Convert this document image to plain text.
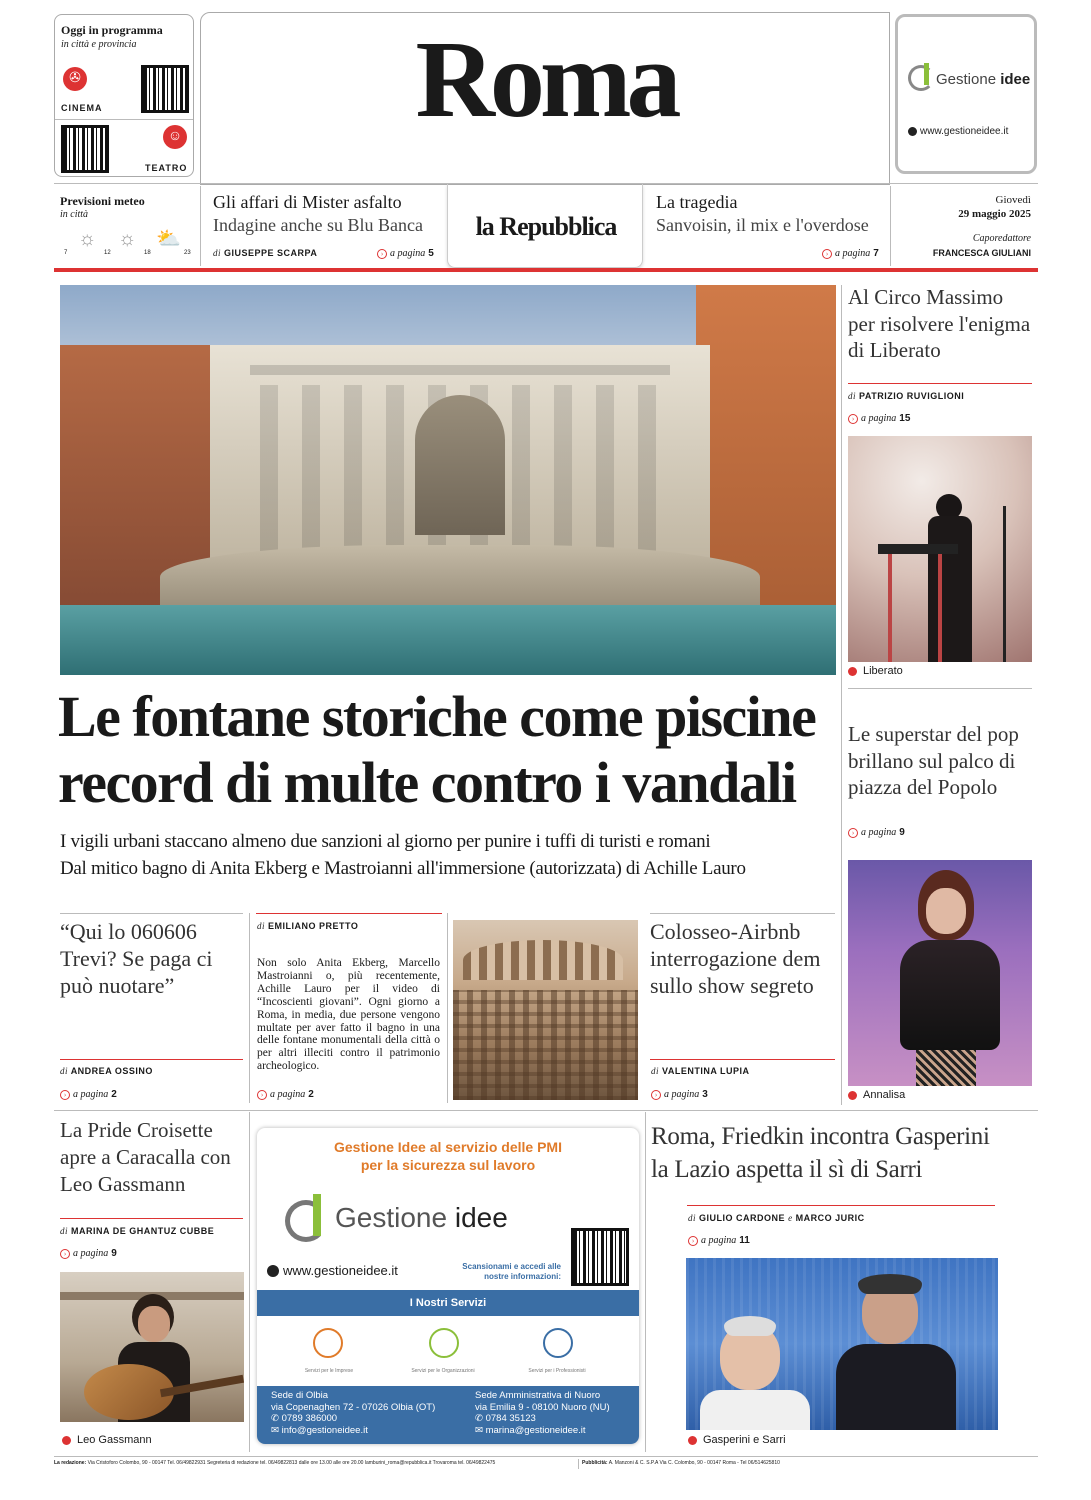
Oggi in programma
in città e provincia
✇
CINEMA
☺
TEATRO
Roma	Gestione idee
www.gestioneidee.it
Previsioni meteo
in città
☼ ☼ ⛅
7	12	18	23
Gli affari di Mister asfalto
Indagine anche su Blu Banca
di GIUSEPPE SCARPA	› a pagina 5
la Repubblica
La tragedia
Sanvoisin, il mix e l'overdose
› a pagina 7
Giovedì
29 maggio 2025
Caporedattore
FRANCESCA GIULIANI
Le fontane storiche come piscine
record di multe contro i vandali
I vigili urbani staccano almeno due sanzioni al giorno per punire i tuffi di turisti e romani
Dal mitico bagno di Anita Ekberg e Mastroianni all'immersione (autorizzata) di Achille Lauro
Al Circo Massimo per risolvere l'enigma di Liberato
di PATRIZIO RUVIGLIONI
› a pagina 15
Liberato
Le superstar del pop brillano sul palco di piazza del Popolo
› a pagina 9
Annalisa
“Qui lo 060606 Trevi? Se paga ci può nuotare”
di ANDREA OSSINO
› a pagina 2
di EMILIANO PRETTO
Non solo Anita Ekberg, Marcello Mastroianni o, più recentemente, Achille Lauro per il video di “Incoscienti giovani”. Ogni giorno a Roma, in media, due persone vengono multate per aver fatto il bagno in una delle fontane monumentali della città o per altri illeciti contro il patrimonio archeologico.
› a pagina 2
Colosseo-Airbnb interrogazione dem sullo show segreto
di VALENTINA LUPIA
› a pagina 3
La Pride Croisette apre a Caracalla con Leo Gassmann
di MARINA DE GHANTUZ CUBBE
› a pagina 9
Leo Gassmann
Gestione Idee al servizio delle PMI
per la sicurezza sul lavoro
Gestione idee
www.gestioneidee.it	Scansionami e accedi alle
nostre informazioni:
I Nostri Servizi
Servizi per le Imprese	Servizi per le Organizzazioni	Servizi per i Professionisti
Sede di Olbia
via Copenaghen 72 - 07026 Olbia (OT)
✆ 0789 386000
✉ info@gestioneidee.it
Sede Amministrativa di Nuoro
via Emilia 9 - 08100 Nuoro (NU)
✆ 0784 35123
✉ marina@gestioneidee.it
Roma, Friedkin incontra Gasperini
la Lazio aspetta il sì di Sarri
di GIULIO CARDONE e MARCO JURIC
› a pagina 11
Gasperini e Sarri
La redazione: Via Cristoforo Colombo, 90 - 00147 Tel. 06/49822931 Segreteria di redazione tel. 06/49822813 dalle ore 13.00 alle ore 20.00 lamburini_roma@repubblica.it Trovaroma tel. 06/49822475	Pubblicità: A. Manzoni & C. S.P.A Via C. Colombo, 90 - 00147 Roma - Tel 06/514625810
